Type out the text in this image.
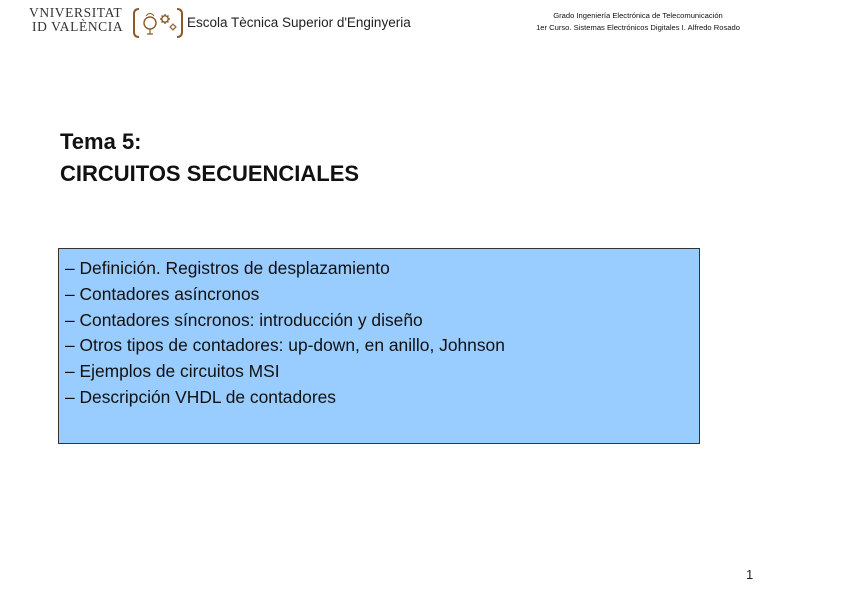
VNIVERSITAT
ID VALÈNCIA	Escola Tècnica Superior d'Enginyeria	Grado Ingeniería Electrónica de Telecomunicación
1er Curso. Sistemas Electrónicos Digitales I. Alfredo Rosado
Tema 5:
CIRCUITOS SECUENCIALES
– Definición. Registros de desplazamiento
– Contadores asíncronos
– Contadores síncronos: introducción y diseño
– Otros tipos de contadores: up-down, en anillo, Johnson
– Ejemplos de circuitos MSI
– Descripción VHDL de contadores
1
